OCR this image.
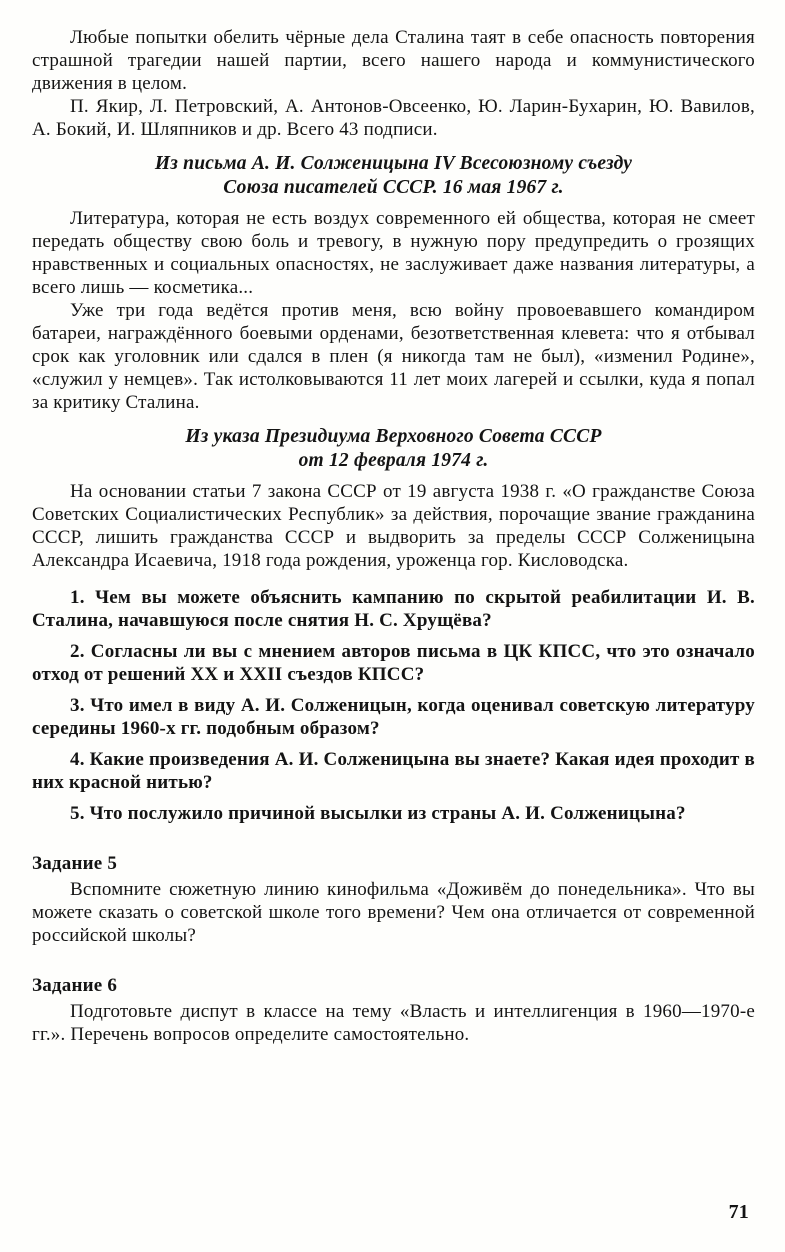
Любые попытки обелить чёрные дела Сталина таят в себе опасность повторения страшной трагедии нашей партии, всего нашего народа и коммунистического движения в целом.

П. Якир, Л. Петровский, А. Антонов-Овсеенко, Ю. Ларин-Бухарин, Ю. Вавилов, А. Бокий, И. Шляпников и др. Всего 43 подписи.

Из письма А. И. Солженицына IV Всесоюзному съезду
Союза писателей СССР. 16 мая 1967 г.

Литература, которая не есть воздух современного ей общества, которая не смеет передать обществу свою боль и тревогу, в нужную пору предупредить о грозящих нравственных и социальных опасностях, не заслуживает даже названия литературы, а всего лишь — косметика...

Уже три года ведётся против меня, всю войну провоевавшего командиром батареи, награждённого боевыми орденами, безответственная клевета: что я отбывал срок как уголовник или сдался в плен (я никогда там не был), «изменил Родине», «служил у немцев». Так истолковываются 11 лет моих лагерей и ссылки, куда я попал за критику Сталина.

Из указа Президиума Верховного Совета СССР
от 12 февраля 1974 г.

На основании статьи 7 закона СССР от 19 августа 1938 г. «О гражданстве Союза Советских Социалистических Республик» за действия, порочащие звание гражданина СССР, лишить гражданства СССР и выдворить за пределы СССР Солженицына Александра Исаевича, 1918 года рождения, уроженца гор. Кисловодска.

1. Чем вы можете объяснить кампанию по скрытой реабилитации И. В. Сталина, начавшуюся после снятия Н. С. Хрущёва?

2. Согласны ли вы с мнением авторов письма в ЦК КПСС, что это означало отход от решений XX и XXII съездов КПСС?

3. Что имел в виду А. И. Солженицын, когда оценивал советскую литературу середины 1960-х гг. подобным образом?

4. Какие произведения А. И. Солженицына вы знаете? Какая идея проходит в них красной нитью?

5. Что послужило причиной высылки из страны А. И. Солженицына?

Задание 5

Вспомните сюжетную линию кинофильма «Доживём до понедельника». Что вы можете сказать о советской школе того времени? Чем она отличается от современной российской школы?

Задание 6

Подготовьте диспут в классе на тему «Власть и интеллигенция в 1960—1970-е гг.». Перечень вопросов определите самостоятельно.

71
